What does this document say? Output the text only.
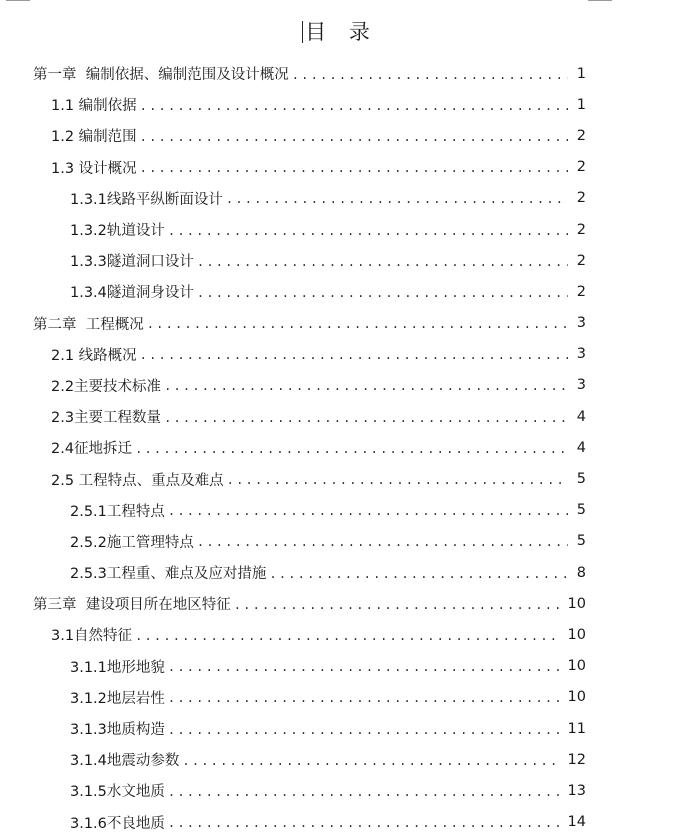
目 录
第一章  编制依据、编制范围及设计概况 .....	1
1.1 编制依据 .....	1
1.2 编制范围 .....	2
1.3 设计概况 .....	2
1.3.1线路平纵断面设计 .....	2
1.3.2轨道设计 .....	2
1.3.3隧道洞口设计 .....	2
1.3.4隧道洞身设计 .....	2
第二章  工程概况 .....	3
2.1 线路概况 .....	3
2.2主要技术标准 .....	3
2.3主要工程数量 .....	4
2.4征地拆迁 .....	4
2.5 工程特点、重点及难点 .....	5
2.5.1工程特点 .....	5
2.5.2施工管理特点 .....	5
2.5.3工程重、难点及应对措施 .....	8
第三章  建设项目所在地区特征 .....	10
3.1自然特征 .....	10
3.1.1地形地貌 .....	10
3.1.2地层岩性 .....	10
3.1.3地质构造 .....	11
3.1.4地震动参数 .....	12
3.1.5水文地质 .....	13
3.1.6不良地质 .....	14
